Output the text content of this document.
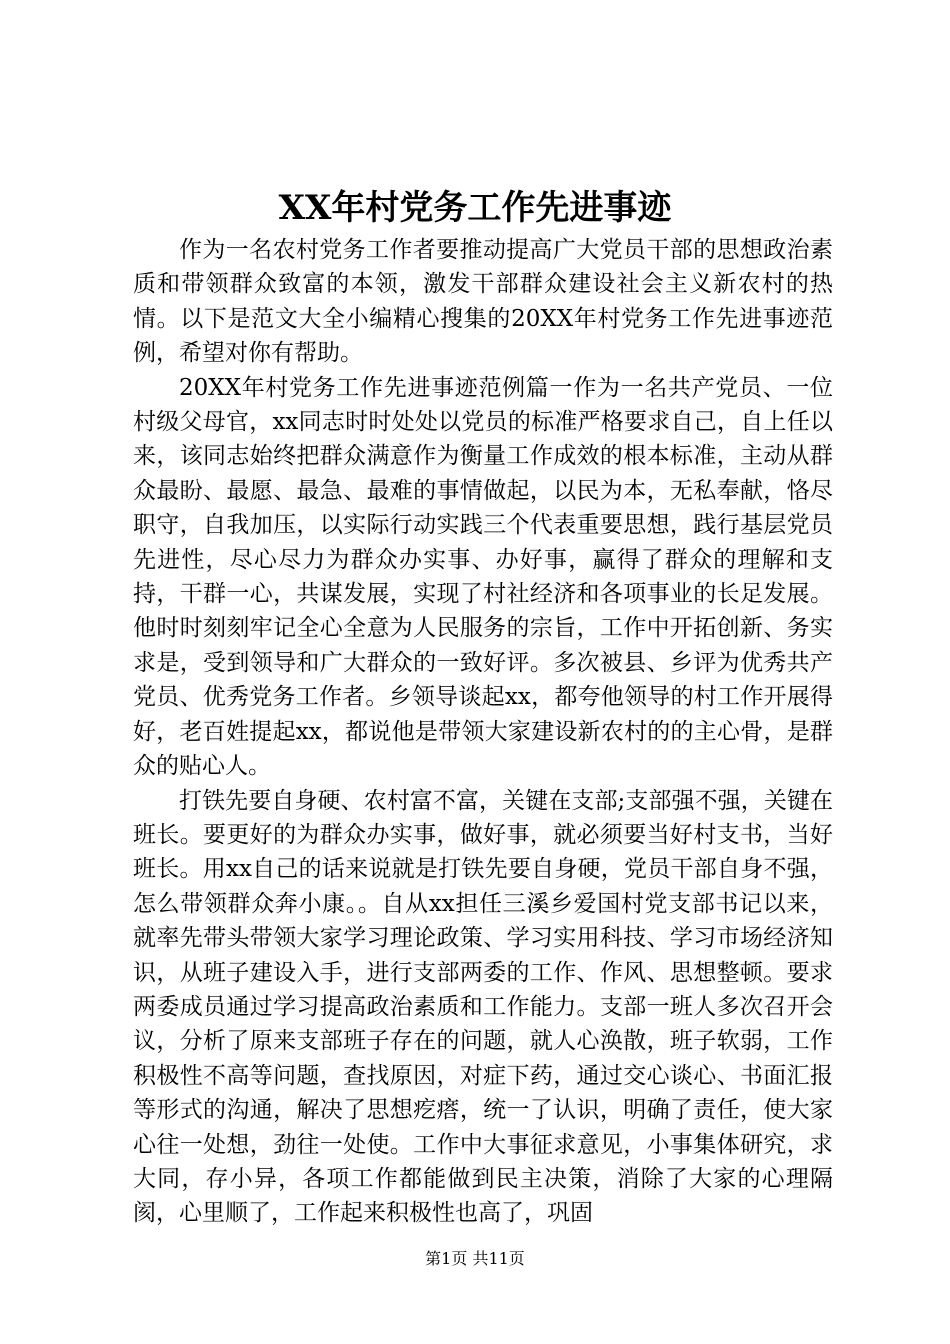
XX年村党务工作先进事迹

作为一名农村党务工作者要推动提高广大党员干部的思想政治素质和带领群众致富的本领，激发干部群众建设社会主义新农村的热情。以下是范文大全小编精心搜集的20XX年村党务工作先进事迹范例，希望对你有帮助。

20XX年村党务工作先进事迹范例篇一作为一名共产党员、一位村级父母官，xx同志时时处处以党员的标准严格要求自己，自上任以来，该同志始终把群众满意作为衡量工作成效的根本标准，主动从群众最盼、最愿、最急、最难的事情做起，以民为本，无私奉献，恪尽职守，自我加压，以实际行动实践三个代表重要思想，践行基层党员先进性，尽心尽力为群众办实事、办好事，赢得了群众的理解和支持，干群一心，共谋发展，实现了村社经济和各项事业的长足发展。他时时刻刻牢记全心全意为人民服务的宗旨，工作中开拓创新、务实求是，受到领导和广大群众的一致好评。多次被县、乡评为优秀共产党员、优秀党务工作者。乡领导谈起xx，都夸他领导的村工作开展得好，老百姓提起xx，都说他是带领大家建设新农村的的主心骨，是群众的贴心人。

打铁先要自身硬、农村富不富，关键在支部;支部强不强，关键在班长。要更好的为群众办实事，做好事，就必须要当好村支书，当好班长。用xx自己的话来说就是打铁先要自身硬，党员干部自身不强，怎么带领群众奔小康。。自从xx担任三溪乡爱国村党支部书记以来，就率先带头带领大家学习理论政策、学习实用科技、学习市场经济知识，从班子建设入手，进行支部两委的工作、作风、思想整顿。要求两委成员通过学习提高政治素质和工作能力。支部一班人多次召开会议，分析了原来支部班子存在的问题，就人心涣散，班子软弱，工作积极性不高等问题，查找原因，对症下药，通过交心谈心、书面汇报等形式的沟通，解决了思想疙瘩，统一了认识，明确了责任，使大家心往一处想，劲往一处使。工作中大事征求意见，小事集体研究，求大同，存小异，各项工作都能做到民主决策，消除了大家的心理隔阂，心里顺了，工作起来积极性也高了，巩固

第1页 共11页
